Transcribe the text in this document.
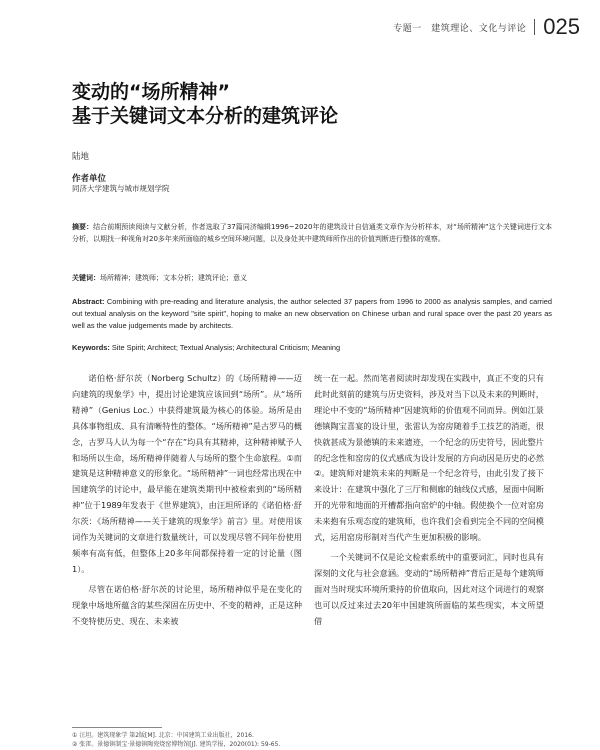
专题一　建筑理论、文化与评论 025
变动的“场所精神”
基于关键词文本分析的建筑评论
陆地
作者单位
同济大学建筑与城市规划学院

摘要：结合前期预读阅读与文献分析，作者选取了37篇同济编辑1996~2020年的建筑设计自信通类文章作为分析样本，对“场所精神”这个关键词进行文本分析，以期找一种视角对20多年来所面临的城乡空间环境问题，以及身处其中建筑师所作出的价值判断进行整体的观察。

关键词：场所精神；建筑师；文本分析；建筑评论；意义

Abstract: Combining with pre-reading and literature analysis, the author selected 37 papers from 1996 to 2000 as analysis samples, and carried out textual analysis on the keyword "site spirit", hoping to make an new observation on Chinese urban and rural space over the past 20 years as well as the value judgements made by architects.

Keywords: Site Spirit; Architect; Textual Analysis; Architectural Criticism; Meaning

诺伯格·舒尔茨（Norberg Schultz）的《场所精神——迈向建筑的现象学》中，提出讨论建筑应该回到“场所”。从“场所精神”（Genius Loc.）中获得建筑最为核心的体验。场所是由具体事物组成、具有清晰特性的整体。“场所精神”是古罗马的概念，古罗马人认为每一个“存在”均具有其精神，这种精神赋予人和场所以生命，场所精神伴随着人与场所的整个生命旅程。①而建筑是这种精神意义的形象化。“场所精神”一词也经常出现在中国建筑学的讨论中，最早能在建筑类期刊中被检索到的“场所精神”位于1989年发表于《世界建筑》，由汪坦所译的《诺伯格·舒尔茨：《场所精神——关于建筑的现象学》前言》里。对使用该词作为关键词的文章进行数量统计，可以发现尽管不同年份使用频率有高有低，但整体上20多年间都保持着一定的讨论量（图1）。

尽管在诺伯格·舒尔茨的讨论里，场所精神似乎是在变化的现象中场地所蕴含的某些深固在历史中、不变的精神，正是这种不变特使历史、现在、未来被

统一在一起。然而笔者阅读时却发现在实践中，真正不变的只有此时此刻前的建筑与历史资料，涉及对当下以及未来的判断时，理论中不变的“场所精神”因建筑师的价值观不同而异。例如江景德镇陶宝喜宴的设计里，张雷认为窑房随着手工技艺的消逝，很快就甚成为景德镇的未来遗迹，一个纪念的历史符号，因此整片的纪念性和窑房的仪式感成为设计发展的方向动因是历史的必然②。建筑师对建筑未来的判断是一个纪念符号，由此引发了接下来设计：在建筑中强化了三厅和侧廊的轴线仪式感，屋面中间断开的光带和地面的开槽都指向窑炉的中轴。假使换个一位对窑房未来抱有乐观态度的建筑师，也许我们会看到完全不同的空间模式，运用窑房形制对当代产生更加积极的影响。

一个关键词不仅是论文检索系统中的重要词汇，同时也具有深刻的文化与社会意涵。变动的“场所精神”背后正是每个建筑师面对当时现实环境所秉持的价值取向，因此对这个词进行的观察也可以反过来过去20年中国建筑所面临的某些现实，本文所望借

① 汪坦。建筑现象学 第2版[M]. 北京：中国建筑工业出版社，2016.

② 张雷。景德镇制宝·景德镇陶瓷烧窑博物馆[J]. 建筑学报，2020(01): 59-65.
